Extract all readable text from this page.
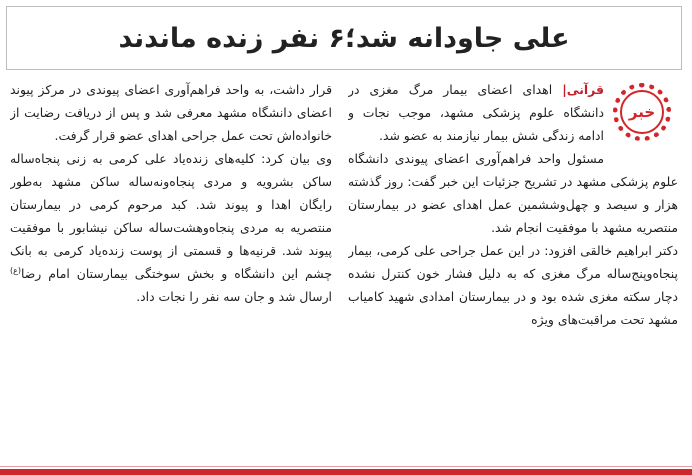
علی جاودانه شد؛۶ نفر زنده ماندند
خبر

قرآنی| اهدای اعضای بیمار مرگ مغزی در دانشگاه علوم پزشکی مشهد، موجب نجات و ادامه زندگی شش بیمار نیازمند به عضو شد.

مسئول واحد فراهم‌آوری اعضای پیوندی دانشگاه علوم پزشکی مشهد در تشریح جزئیات این خبر گفت: روز گذشته هزار و سیصد و چهل‌وششمین عمل اهدای عضو در بیمارستان منتصریه مشهد با موفقیت انجام شد.

دکتر ابراهیم خالقی افزود: در این عمل جراحی علی کرمی، بیمار پنجاه‌وپنج‌ساله مرگ مغزی که به دلیل فشار خون کنترل نشده دچار سکته مغزی شده بود و در بیمارستان امدادی شهید کامیاب مشهد تحت مراقبت‌های ویژه

قرار داشت، به واحد فراهم‌آوری اعضای پیوندی در مرکز پیوند اعضای دانشگاه مشهد معرفی شد و پس از دریافت رضایت از خانواده‌اش تحت عمل جراحی اهدای عضو قرار گرفت.

وی بیان کرد: کلیه‌های زنده‌یاد علی کرمی به زنی پنجاه‌ساله ساکن بشرویه و مردی پنجاه‌ونه‌ساله ساکن مشهد به‌طور رایگان اهدا و پیوند شد. کبد مرحوم کرمی در بیمارستان منتصریه به مردی پنجاه‌وهشت‌ساله ساکن نیشابور با موفقیت پیوند شد. قرنیه‌ها و قسمتی از پوست زنده‌یاد کرمی به بانک چشم این دانشگاه و بخش سوختگی بیمارستان امام رضا$^{(ع)}$ ارسال شد و جان سه نفر را نجات داد.
